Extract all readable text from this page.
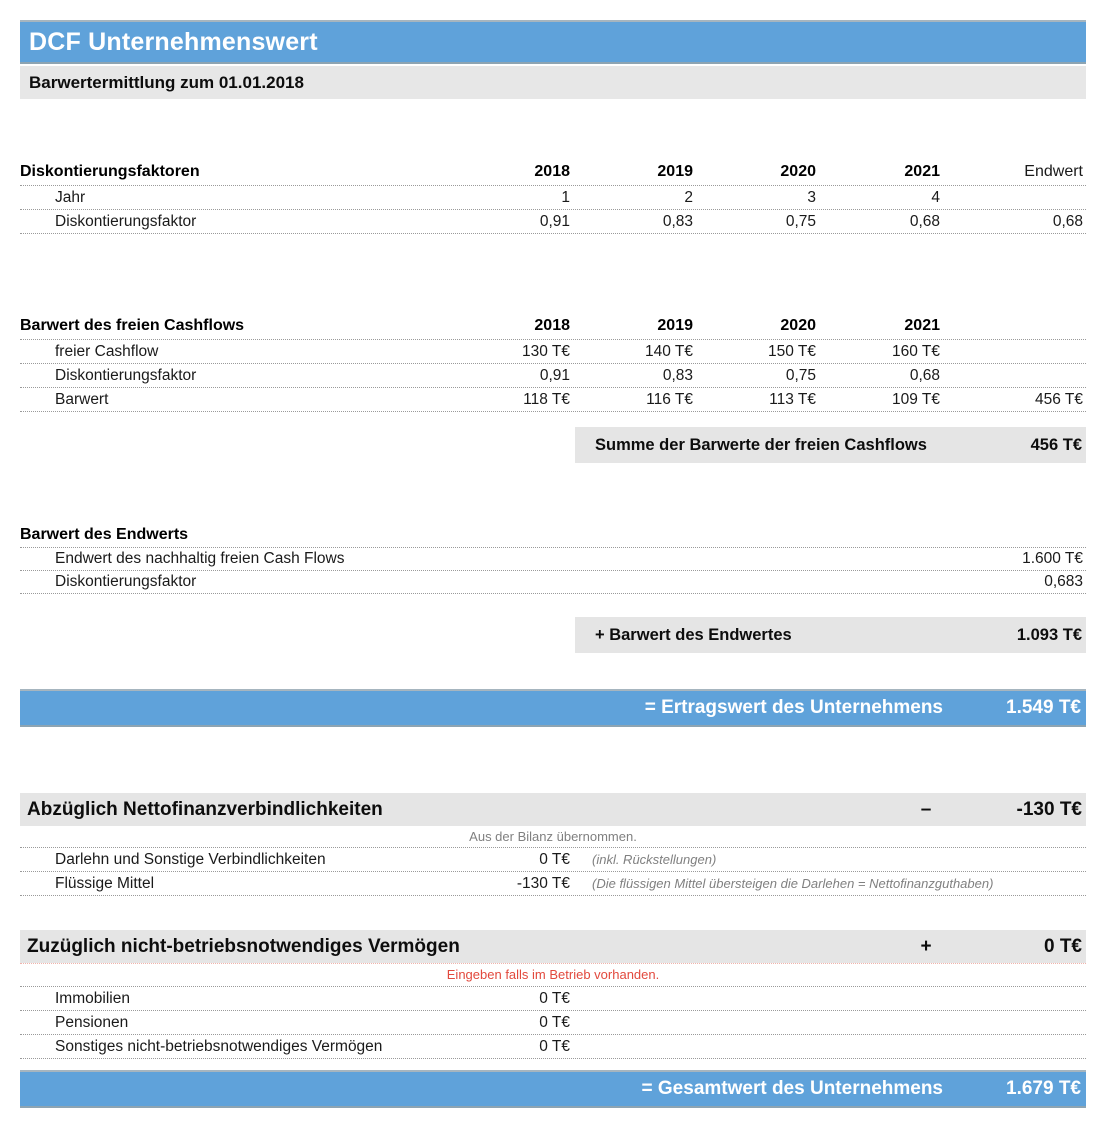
DCF Unternehmenswert
Barwertermittlung zum 01.01.2018
Diskontierungsfaktoren	2018	2019	2020	2021	Endwert
Jahr	1	2	3	4
Diskontierungsfaktor	0,91	0,83	0,75	0,68	0,68
Barwert des freien Cashflows	2018	2019	2020	2021
freier Cashflow	130 T€	140 T€	150 T€	160 T€
Diskontierungsfaktor	0,91	0,83	0,75	0,68
Barwert	118 T€	116 T€	113 T€	109 T€	456 T€
Summe der Barwerte der freien Cashflows	456 T€
Barwert des Endwerts
Endwert des nachhaltig freien Cash Flows	1.600 T€
Diskontierungsfaktor	0,683
+ Barwert des Endwertes	1.093 T€
= Ertragswert des Unternehmens	1.549 T€
Abzüglich Nettofinanzverbindlichkeiten	–	-130 T€
Aus der Bilanz übernommen.
Darlehn und Sonstige Verbindlichkeiten	0 T€	(inkl. Rückstellungen)
Flüssige Mittel	-130 T€	(Die flüssigen Mittel übersteigen die Darlehen = Nettofinanzguthaben)
Zuzüglich nicht-betriebsnotwendiges Vermögen	+	0 T€
Eingeben falls im Betrieb vorhanden.
Immobilien	0 T€
Pensionen	0 T€
Sonstiges nicht-betriebsnotwendiges Vermögen	0 T€
= Gesamtwert des Unternehmens	1.679 T€
